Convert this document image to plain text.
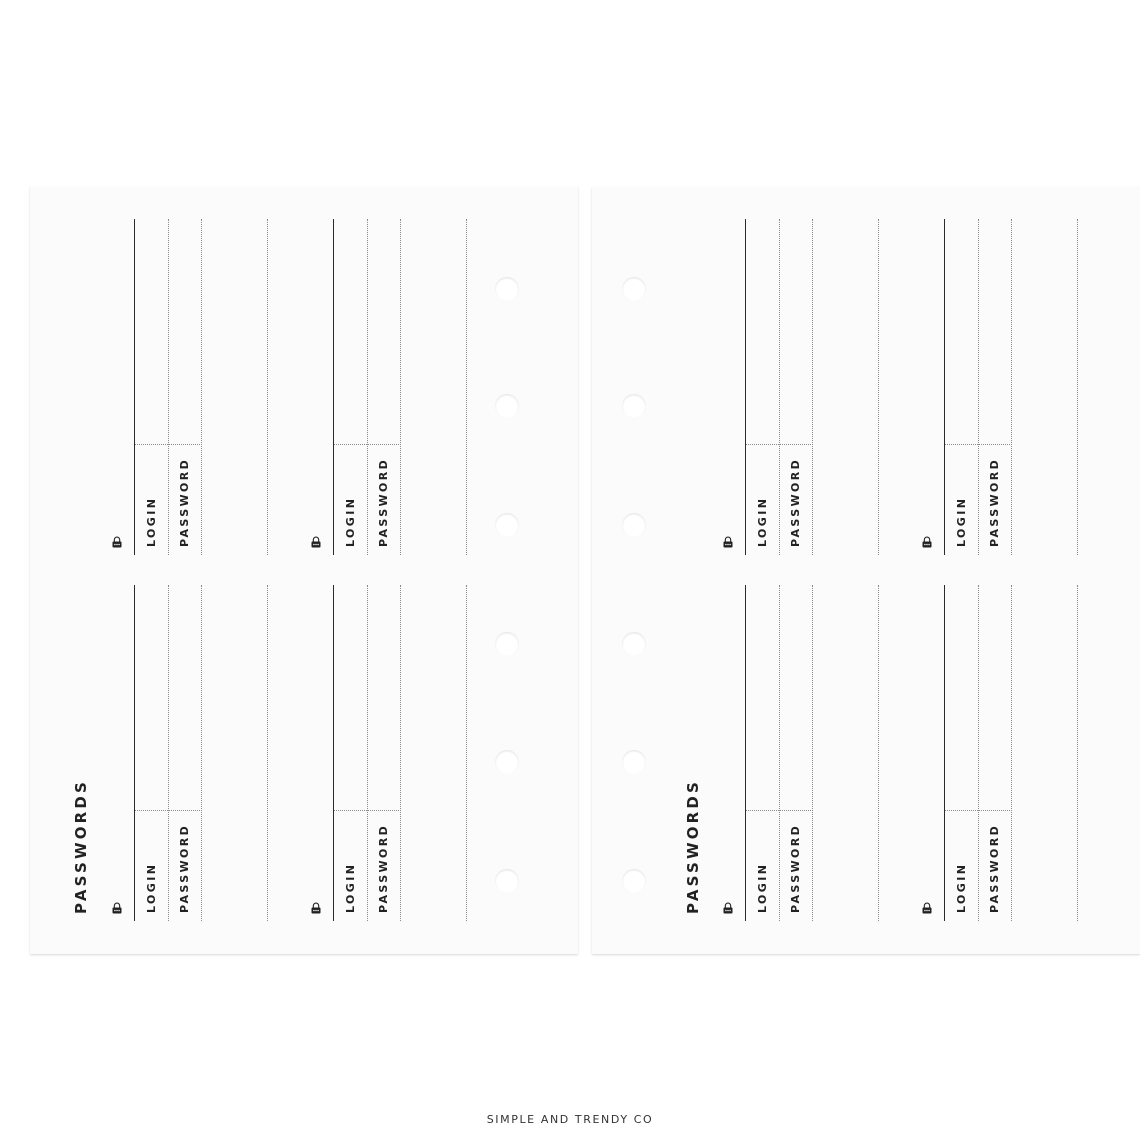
LOGIN PASSWORD	LOGIN PASSWORD
LOGIN PASSWORD	LOGIN PASSWORD
PASSWORDS
LOGIN PASSWORD	LOGIN PASSWORD
LOGIN PASSWORD	LOGIN PASSWORD
PASSWORDS
SIMPLE AND TRENDY CO
